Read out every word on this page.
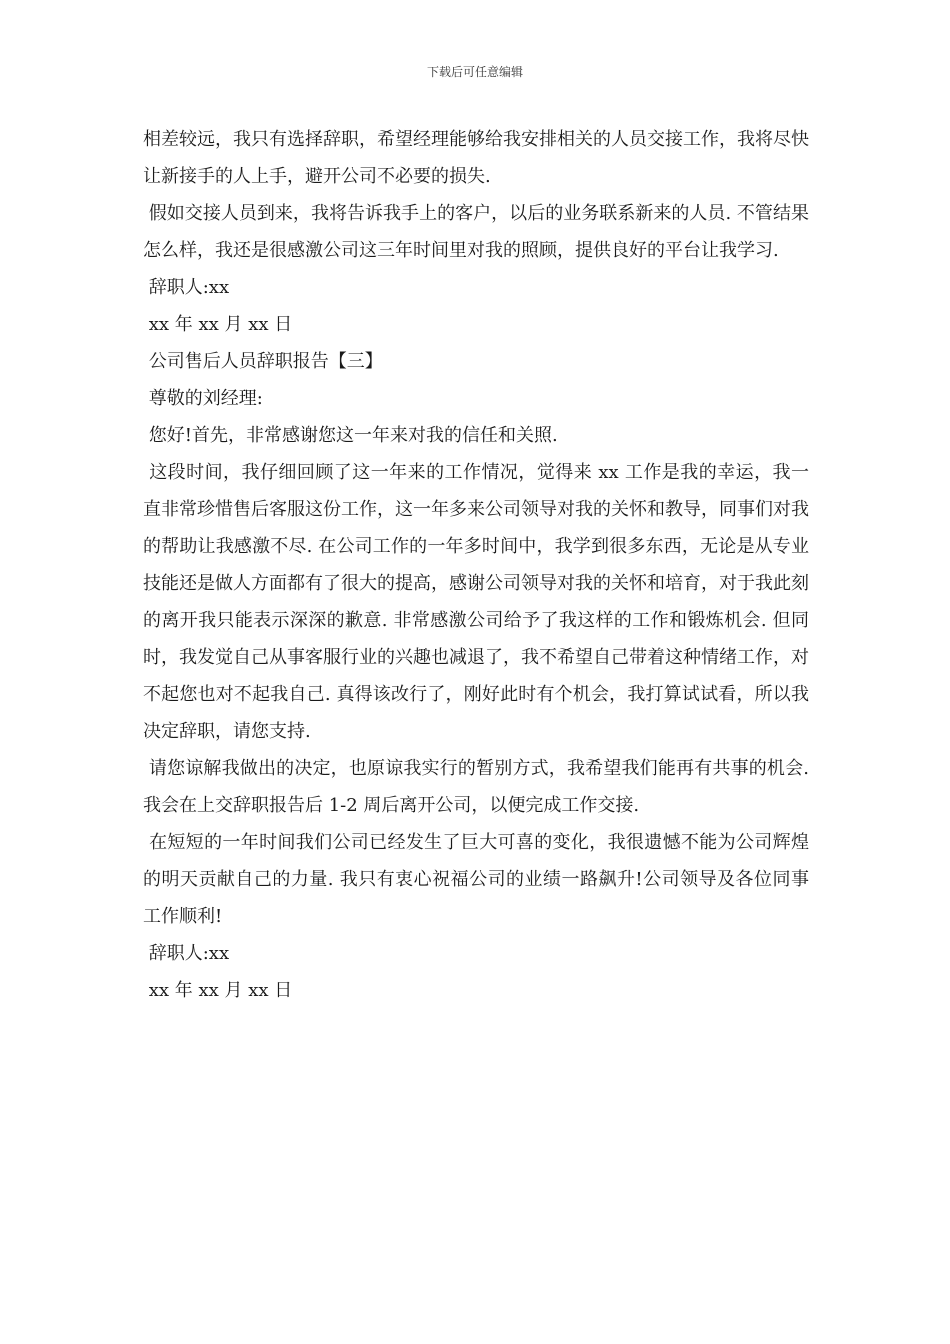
下载后可任意编辑

相差较远，我只有选择辞职，希望经理能够给我安排相关的人员交接工作，我将尽快让新接手的人上手，避开公司不必要的损失.

假如交接人员到来，我将告诉我手上的客户，以后的业务联系新来的人员. 不管结果怎么样，我还是很感激公司这三年时间里对我的照顾，提供良好的平台让我学习.

辞职人:xx

xx 年 xx 月 xx 日

公司售后人员辞职报告【三】

尊敬的刘经理:

您好!首先，非常感谢您这一年来对我的信任和关照.

这段时间，我仔细回顾了这一年来的工作情况，觉得来 xx 工作是我的幸运，我一直非常珍惜售后客服这份工作，这一年多来公司领导对我的关怀和教导，同事们对我的帮助让我感激不尽. 在公司工作的一年多时间中，我学到很多东西，无论是从专业技能还是做人方面都有了很大的提高，感谢公司领导对我的关怀和培育，对于我此刻的离开我只能表示深深的歉意. 非常感激公司给予了我这样的工作和锻炼机会. 但同时，我发觉自己从事客服行业的兴趣也减退了，我不希望自己带着这种情绪工作，对不起您也对不起我自己. 真得该改行了，刚好此时有个机会，我打算试试看，所以我决定辞职，请您支持.

请您谅解我做出的决定，也原谅我实行的暂别方式，我希望我们能再有共事的机会. 我会在上交辞职报告后 1-2 周后离开公司，以便完成工作交接.

在短短的一年时间我们公司已经发生了巨大可喜的变化，我很遗憾不能为公司辉煌的明天贡献自己的力量. 我只有衷心祝福公司的业绩一路飙升!公司领导及各位同事工作顺利!

辞职人:xx

xx 年 xx 月 xx 日
